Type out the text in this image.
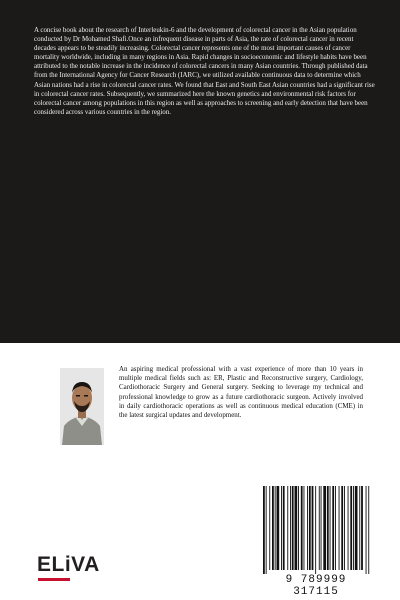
A concise book about the research of Interleukin-6 and the development of colorectal cancer in the Asian population conducted by Dr Mohamed Shafi.Once an infrequent disease in parts of Asia, the rate of colorectal cancer in recent decades appears to be steadily increasing. Colorectal cancer represents one of the most important causes of cancer mortality worldwide, including in many regions in Asia. Rapid changes in socioeconomic and lifestyle habits have been attributed to the notable increase in the incidence of colorectal cancers in many Asian countries. Through published data from the International Agency for Cancer Research (IARC), we utilized available continuous data to determine which Asian nations had a rise in colorectal cancer rates. We found that East and South East Asian countries had a significant rise in colorectal cancer rates. Subsequently, we summarized here the known genetics and environmental risk factors for colorectal cancer among populations in this region as well as approaches to screening and early detection that have been considered across various countries in the region.

An aspiring medical professional with a vast experience of more than 10 years in multiple medical fields such as: ER, Plastic and Reconstructive surgery, Cardiology, Cardiothoracic Surgery and General surgery. Seeking to leverage my technical and professional knowledge to grow as a future cardiothoracic surgeon. Actively involved in daily cardiothoracic operations as well as continuous medical education (CME) in the latest surgical updates and development.

ELiVA
9 789999 317115
